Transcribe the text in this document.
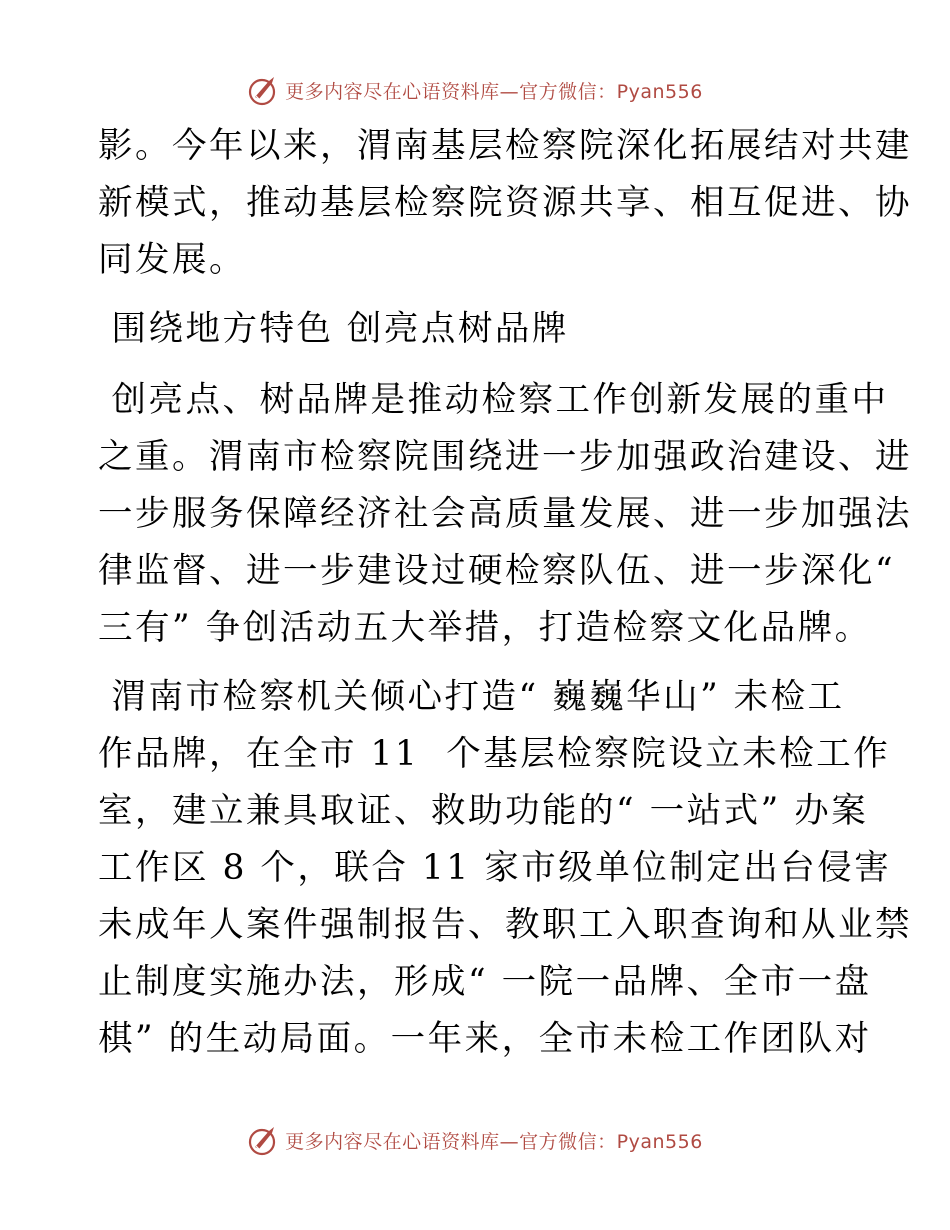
更多内容尽在心语资料库—官方微信：Pyan556
影。今年以来，渭南基层检察院深化拓展结对共建
新模式，推动基层检察院资源共享、相互促进、协
同发展。
围绕地方特色 创亮点树品牌
创亮点、树品牌是推动检察工作创新发展的重中
之重。渭南市检察院围绕进一步加强政治建设、进
一步服务保障经济社会高质量发展、进一步加强法
律监督、进一步建设过硬检察队伍、进一步深化“
三有” 争创活动五大举措，打造检察文化品牌。
渭南市检察机关倾心打造“ 巍巍华山” 未检工
作品牌，在全市 11  个基层检察院设立未检工作
室，建立兼具取证、救助功能的“ 一站式” 办案
工作区 8 个，联合 11 家市级单位制定出台侵害
未成年人案件强制报告、教职工入职查询和从业禁
止制度实施办法，形成“ 一院一品牌、全市一盘
棋” 的生动局面。一年来，全市未检工作团队对
更多内容尽在心语资料库—官方微信：Pyan556
